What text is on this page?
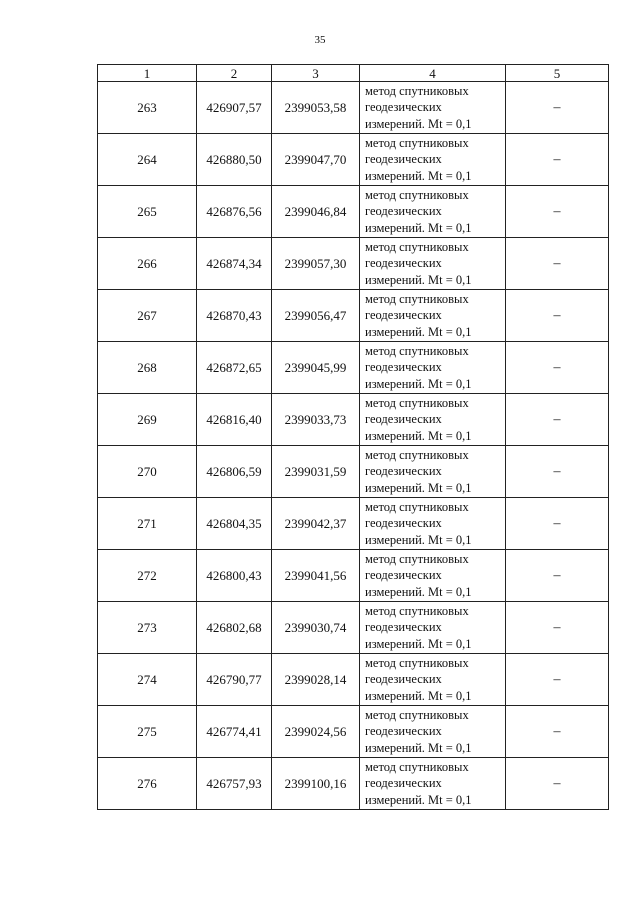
35
1	2	3	4	5
263	426907,57	2399053,58	метод спутниковых
геодезических
измерений. Mt = 0,1	–
264	426880,50	2399047,70	метод спутниковых
геодезических
измерений. Mt = 0,1	–
265	426876,56	2399046,84	метод спутниковых
геодезических
измерений. Mt = 0,1	–
266	426874,34	2399057,30	метод спутниковых
геодезических
измерений. Mt = 0,1	–
267	426870,43	2399056,47	метод спутниковых
геодезических
измерений. Mt = 0,1	–
268	426872,65	2399045,99	метод спутниковых
геодезических
измерений. Mt = 0,1	–
269	426816,40	2399033,73	метод спутниковых
геодезических
измерений. Mt = 0,1	–
270	426806,59	2399031,59	метод спутниковых
геодезических
измерений. Mt = 0,1	–
271	426804,35	2399042,37	метод спутниковых
геодезических
измерений. Mt = 0,1	–
272	426800,43	2399041,56	метод спутниковых
геодезических
измерений. Mt = 0,1	–
273	426802,68	2399030,74	метод спутниковых
геодезических
измерений. Mt = 0,1	–
274	426790,77	2399028,14	метод спутниковых
геодезических
измерений. Mt = 0,1	–
275	426774,41	2399024,56	метод спутниковых
геодезических
измерений. Mt = 0,1	–
276	426757,93	2399100,16	метод спутниковых
геодезических
измерений. Mt = 0,1	–
